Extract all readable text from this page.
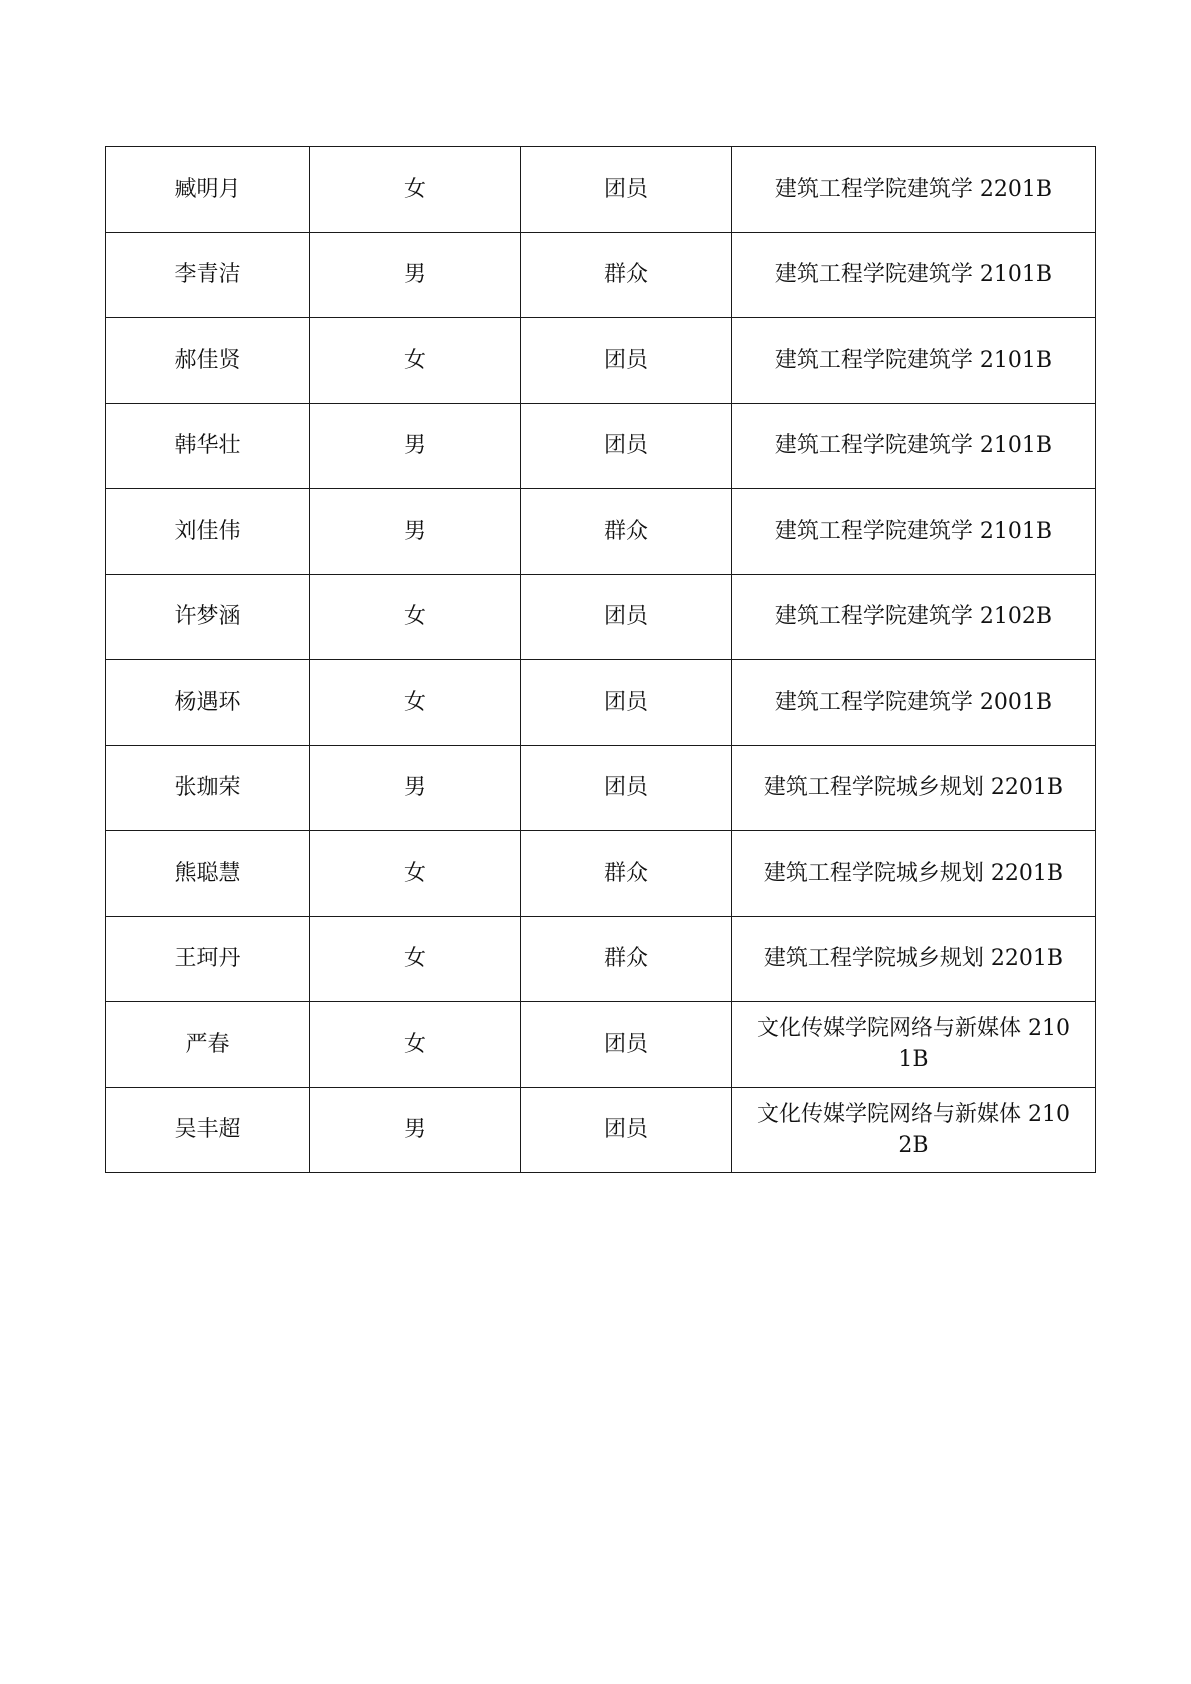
臧明月	女	团员	建筑工程学院建筑学 2201B
李青洁	男	群众	建筑工程学院建筑学 2101B
郝佳贤	女	团员	建筑工程学院建筑学 2101B
韩华壮	男	团员	建筑工程学院建筑学 2101B
刘佳伟	男	群众	建筑工程学院建筑学 2101B
许梦涵	女	团员	建筑工程学院建筑学 2102B
杨遇环	女	团员	建筑工程学院建筑学 2001B
张珈荣	男	团员	建筑工程学院城乡规划 2201B
熊聪慧	女	群众	建筑工程学院城乡规划 2201B
王珂丹	女	群众	建筑工程学院城乡规划 2201B
严春	女	团员	文化传媒学院网络与新媒体 2101B
吴丰超	男	团员	文化传媒学院网络与新媒体 2102B
